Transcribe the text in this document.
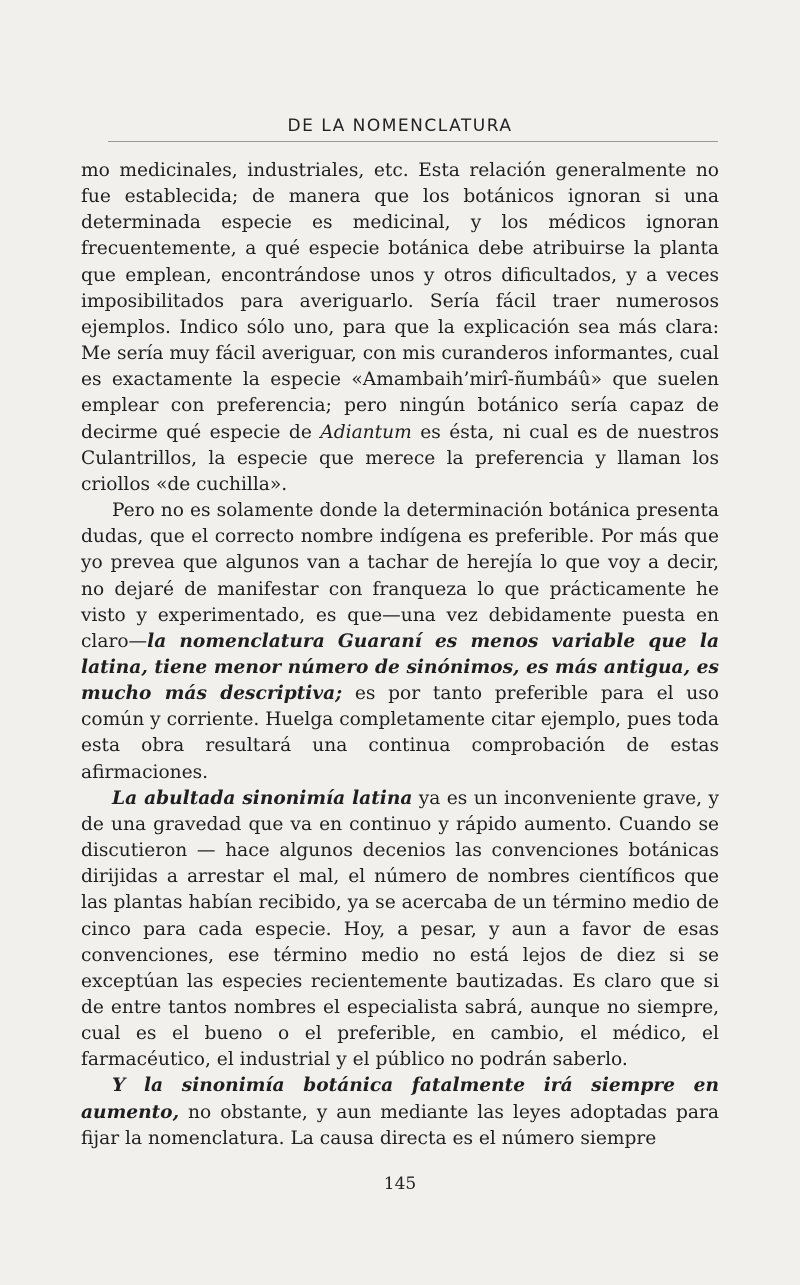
DE LA NOMENCLATURA

mo medicinales, industriales, etc. Esta relación generalmente no fue establecida; de manera que los botánicos ignoran si una determinada especie es medicinal, y los médicos ignoran frecuentemente, a qué especie botánica debe atribuirse la planta que emplean, encontrándose unos y otros dificultados, y a veces imposibilitados para averiguarlo. Sería fácil traer numerosos ejemplos. Indico sólo uno, para que la explicación sea más clara: Me sería muy fácil averiguar, con mis curanderos informantes, cual es exactamente la especie «Amambaih’mirî-ñumbáû» que suelen emplear con preferencia; pero ningún botánico sería capaz de decirme qué especie de Adiantum es ésta, ni cual es de nuestros Culantrillos, la especie que merece la preferencia y llaman los criollos «de cuchilla».

Pero no es solamente donde la determinación botánica presenta dudas, que el correcto nombre indígena es preferible. Por más que yo prevea que algunos van a tachar de herejía lo que voy a decir, no dejaré de manifestar con franqueza lo que prácticamente he visto y experimentado, es que—una vez debidamente puesta en claro—la nomenclatura Guaraní es menos variable que la latina, tiene menor número de sinónimos, es más antigua, es mucho más descriptiva; es por tanto preferible para el uso común y corriente. Huelga completamente citar ejemplo, pues toda esta obra resultará una continua comprobación de estas afirmaciones.

La abultada sinonimía latina ya es un inconveniente grave, y de una gravedad que va en continuo y rápido aumento. Cuando se discutieron — hace algunos decenios las convenciones botánicas dirijidas a arrestar el mal, el número de nombres científicos que las plantas habían recibido, ya se acercaba de un término medio de cinco para cada especie. Hoy, a pesar, y aun a favor de esas convenciones, ese término medio no está lejos de diez si se exceptúan las especies recientemente bautizadas. Es claro que si de entre tantos nombres el especialista sabrá, aunque no siempre, cual es el bueno o el preferible, en cambio, el médico, el farmacéutico, el industrial y el público no podrán saberlo.

Y la sinonimía botánica fatalmente irá siempre en aumento, no obstante, y aun mediante las leyes adoptadas para fijar la nomenclatura. La causa directa es el número siempre

145
